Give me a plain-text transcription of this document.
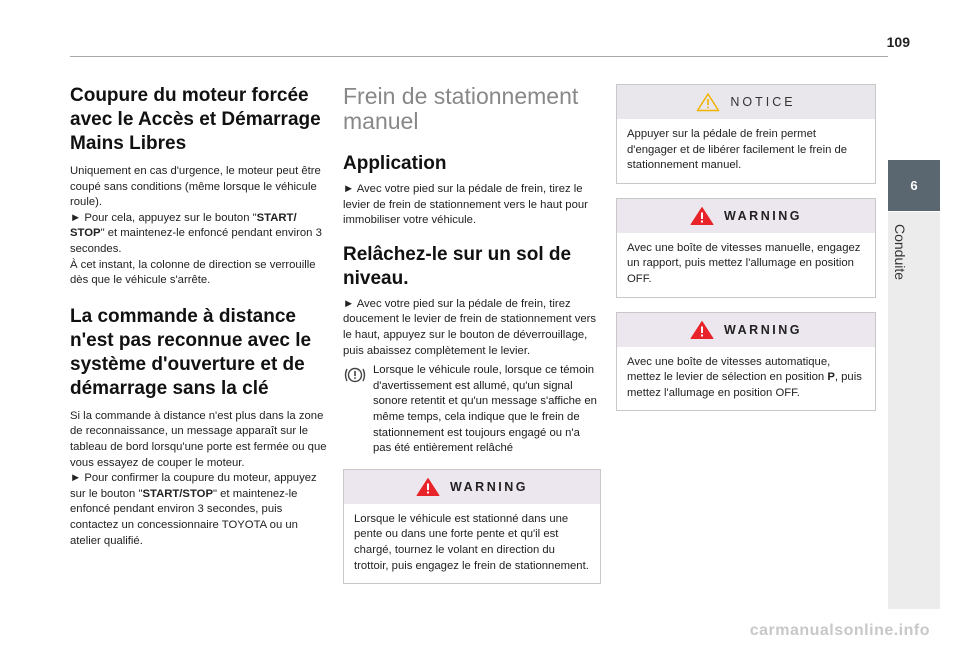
109
6
Conduite
Coupure du moteur forcée avec le Accès et Démarrage Mains Libres

Uniquement en cas d'urgence, le moteur peut être coupé sans conditions (même lorsque le véhicule roule).
► Pour cela, appuyez sur le bouton "START/ STOP" et maintenez-le enfoncé pendant environ 3 secondes.
À cet instant, la colonne de direction se verrouille dès que le véhicule s'arrête.

La commande à distance n'est pas reconnue avec le système d'ouverture et de démarrage sans la clé

Si la commande à distance n'est plus dans la zone de reconnaissance, un message apparaît sur le tableau de bord lorsqu'une porte est fermée ou que vous essayez de couper le moteur.
► Pour confirmer la coupure du moteur, appuyez sur le bouton "START/STOP" et maintenez-le enfoncé pendant environ 3 secondes, puis contactez un concessionnaire TOYOTA ou un atelier qualifié.

Frein de stationnement manuel
Application

► Avec votre pied sur la pédale de frein, tirez le levier de frein de stationnement vers le haut pour immobiliser votre véhicule.

Relâchez-le sur un sol de niveau.

► Avec votre pied sur la pédale de frein, tirez doucement le levier de frein de stationnement vers le haut, appuyez sur le bouton de déverrouillage, puis abaissez complètement le levier.

Lorsque le véhicule roule, lorsque ce témoin d'avertissement est allumé, qu'un signal sonore retentit et qu'un message s'affiche en même temps, cela indique que le frein de stationnement est toujours engagé ou n'a pas été entièrement relâché
WARNING
Lorsque le véhicule est stationné dans une pente ou dans une forte pente et qu'il est chargé, tournez le volant en direction du trottoir, puis engagez le frein de stationnement.
NOTICE
Appuyer sur la pédale de frein permet d'engager et de libérer facilement le frein de stationnement manuel.
WARNING
Avec une boîte de vitesses manuelle, engagez un rapport, puis mettez l'allumage en position OFF.
WARNING
Avec une boîte de vitesses automatique, mettez le levier de sélection en position P, puis mettez l'allumage en position OFF.
carmanualsonline.info
